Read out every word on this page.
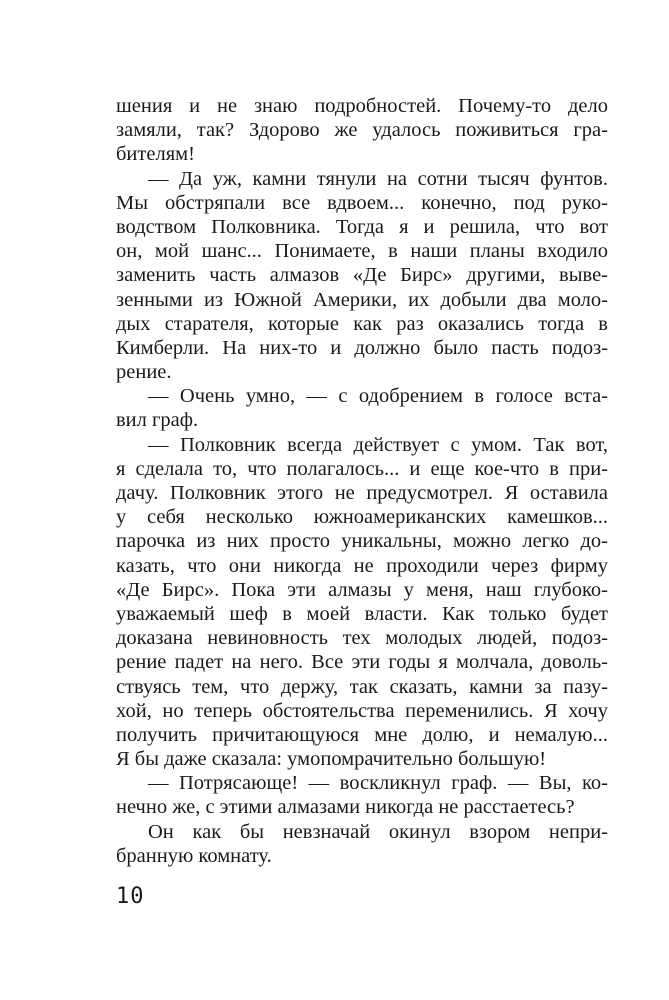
шения и не знаю подробностей. Почему-то дело
замяли, так? Здорово же удалось поживиться гра-
бителям!
— Да уж, камни тянули на сотни тысяч фунтов.
Мы обстряпали все вдвоем... конечно, под руко-
водством Полковника. Тогда я и решила, что вот
он, мой шанс... Понимаете, в наши планы входило
заменить часть алмазов «Де Бирс» другими, выве-
зенными из Южной Америки, их добыли два моло-
дых старателя, которые как раз оказались тогда в
Кимберли. На них-то и должно было пасть подоз-
рение.
— Очень умно, — с одобрением в голосе вста-
вил граф.
— Полковник всегда действует с умом. Так вот,
я сделала то, что полагалось... и еще кое-что в при-
дачу. Полковник этого не предусмотрел. Я оставила
у себя несколько южноамериканских камешков...
парочка из них просто уникальны, можно легко до-
казать, что они никогда не проходили через фирму
«Де Бирс». Пока эти алмазы у меня, наш глубоко-
уважаемый шеф в моей власти. Как только будет
доказана невиновность тех молодых людей, подоз-
рение падет на него. Все эти годы я молчала, доволь-
ствуясь тем, что держу, так сказать, камни за пазу-
хой, но теперь обстоятельства переменились. Я хочу
получить причитающуюся мне долю, и немалую...
Я бы даже сказала: умопомрачительно большую!
— Потрясающе! — воскликнул граф. — Вы, ко-
нечно же, с этими алмазами никогда не расстаетесь?
Он как бы невзначай окинул взором непри-
бранную комнату.
10
